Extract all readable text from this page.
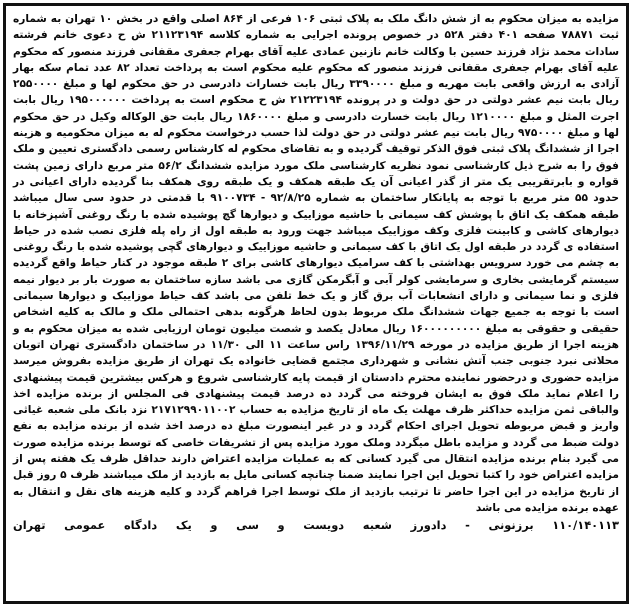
مزایده به میزان محکوم به از شش دانگ ملک به پلاک ثبتی ۱۰۶ فرعی از ۸۶۴ اصلی واقع در بخش ۱۰ تهران به شماره ثبت ۷۸۸۷۱ صفحه ۴۰۱ دفتر ۵۲۸ در خصوص پرونده اجرایی به شماره کلاسه ۲۱۱۲۳۱۹۴ ش ح دعوی خانم فرشته سادات محمد نژاد فرزند حسین با وکالت خانم نازنین عمادی علیه آقای بهرام جعفری مقفانی فرزند منصور که محکوم علیه آقای بهرام جعفری مقفانی فرزند منصور که محکوم علیه محکوم است به پرداخت تعداد ۸۲ عدد تمام سکه بهار آزادی به ارزش واقعی بابت مهریه و مبلغ ۳۳۹۰۰۰۰ ریال بابت خسارات دادرسی در حق محکوم لها و مبلغ ۲۵۵۰۰۰۰ ریال بابت نیم عشر دولتی در حق دولت و در پرونده ۲۱۲۲۳۱۹۴ ش ح محکوم است به پرداخت ۱۹۵۰۰۰۰۰۰ ریال بابت اجرت المثل و مبلغ ۱۲۱۰۰۰۰ ریال بابت خسارت دادرسی و مبلغ ۱۸۶۰۰۰۰ ریال بابت حق الوکاله وکیل در حق محکوم لها و مبلغ ۹۷۵۰۰۰۰ ریال بابت نیم عشر دولتی در حق دولت لذا حسب درخواست محکوم له به میزان محکومیه و هزینه اجرا از ششدانگ پلاک ثبتی فوق الذکر توقیف گردیده و به تقاضای محکوم له کارشناس رسمی دادگستری تعیین و ملک فوق را به شرح ذیل کارشناسی نمود نظریه کارشناسی ملک مورد مزایده ششدانگ ۵۶/۲ متر مربع دارای زمین پشت قواره و بابرتقریبی یک متر از گذر اعیانی آن یک طبقه همکف و یک طبقه روی همکف بنا گردیده دارای اعیانی در حدود ۵۵ متر مربع با توجه به پایانکار ساختمان به شماره ۹۲/۸/۲۵ - ۹۱۰۰۷۳۴ با قدمتی در حدود سی سال میباشد طبقه همکف یک اتاق با پوشش کف سیمانی با حاشیه موزاییک و دیوارها گچ پوشیده شده با رنگ روغنی آشپزخانه با دیوارهای کاشی و کابینت فلزی وکف موزاییک میباشد جهت ورود به طبقه اول از راه پله فلزی نصب شده در حیاط استفاده ی گردد در طبقه اول یک اتاق با کف سیمانی و حاشیه موزاییک و دیوارهای گچی پوشیده شده با رنگ روغنی به چشم می خورد سرویس بهداشتی با کف سرامیک دیوارهای کاشی برای ۲ طبقه موجود در کنار حیاط واقع گردیده سیستم گرمایشی بخاری و سرمایشی کولر آبی و آبگرمکن گازی می باشد سازه ساختمان به صورت بار بر دیوار نیمه فلزی و نما سیمانی و دارای انشعابات آب برق گاز و یک خط تلفن می باشد کف حیاط موزاییک و دیوارها سیمانی است با توجه به جمیع جهات ششدانگ ملک مربوط بدون لحاظ هرگونه بدهی احتمالی ملک و مالک به کلیه اشخاص حقیقی و حقوقی به مبلغ ۱۶۰۰۰۰۰۰۰۰۰ ریال معادل یکصد و شصت میلیون تومان ارزیابی شده به میزان محکوم به و هزینه اجرا از طریق مزایده در مورخه ۱۳۹۶/۱۱/۲۹ راس ساعت ۱۱ الی ۱۱/۳۰ در ساختمان دادگستری تهران اتوبان محلاتی نبرد جنوبی جنب آتش نشانی و شهرداری مجتمع قضایی خانواده یک تهران از طریق مزایده بفروش میرسد مزایده حضوری و درحضور نماینده محترم دادستان از قیمت پایه کارشناسی شروع و هرکس بیشترین قیمت پیشنهادی را اعلام نماید ملک فوق به ایشان فروخته می گردد ده درصد قیمت پیشنهادی فی المجلس از برنده مزایده اخذ والباقی ثمن مزایده حداکثر ظرف مهلت یک ماه از تاریخ مزایده به حساب ۲۱۷۱۲۹۹۰۱۱۰۰۲ نزد بانک ملی شعبه غیاثی واریز و قبض مربوطه تحویل اجرای احکام گردد و در غیر اینصورت مبلغ ده درصد اخذ شده از برنده مزایده به نفع دولت ضبط می گردد و مزایده باطل میگردد وملک مورد مزایده پس از تشریفات خاصی که توسط برنده مزایده صورت می گیرد بنام برنده مزایده انتقال می گیرد کسانی که به عملیات مزایده اعتراض دارند حداقل ظرف یک هفته پس از مزایده اعتراض خود را کتبا تحویل این اجرا نمایند ضمنا چنانچه کسانی مایل به بازدید از ملک میباشند ظرف ۵ روز قبل از تاریخ مزایده در این اجرا حاضر تا ترتیب بازدید از ملک توسط اجرا فراهم گردد و کلیه هزینه های نقل و انتقال به عهده برنده مزایده می باشد

۱۱۰/۱۴۰۱۱۳ برزنونی - دادورز شعبه دویست و سی و یک دادگاه عمومی تهران
